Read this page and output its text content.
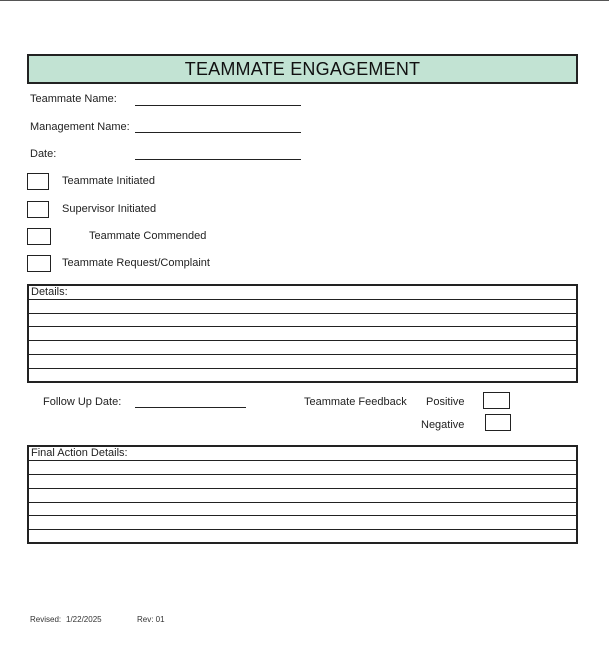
TEAMMATE ENGAGEMENT
Teammate Name:
Management Name:
Date:
Teammate Initiated
Supervisor Initiated
Teammate Commended
Teammate Request/Complaint
Details:
Follow Up Date:	Teammate Feedback Positive
Negative
Final Action Details:
Revised: 1/22/2025	Rev: 01
